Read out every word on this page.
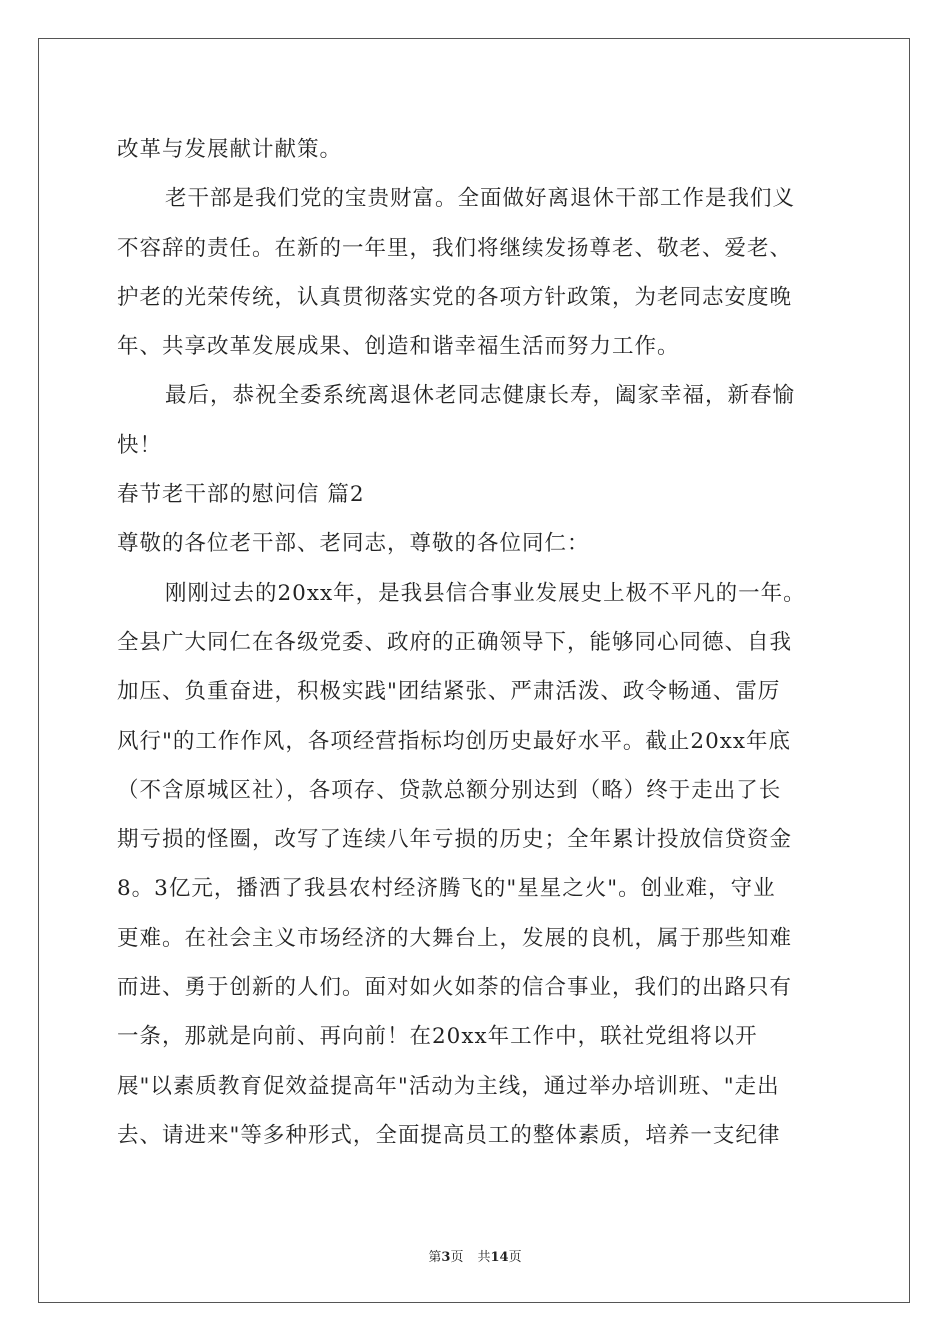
改革与发展献计献策。
老干部是我们党的宝贵财富。全面做好离退休干部工作是我们义
不容辞的责任。在新的一年里，我们将继续发扬尊老、敬老、爱老、
护老的光荣传统，认真贯彻落实党的各项方针政策，为老同志安度晚
年、共享改革发展成果、创造和谐幸福生活而努力工作。
最后，恭祝全委系统离退休老同志健康长寿，阖家幸福，新春愉
快！
春节老干部的慰问信 篇2
尊敬的各位老干部、老同志，尊敬的各位同仁：
刚刚过去的20xx年，是我县信合事业发展史上极不平凡的一年。
全县广大同仁在各级党委、政府的正确领导下，能够同心同德、自我
加压、负重奋进，积极实践"团结紧张、严肃活泼、政令畅通、雷厉
风行"的工作作风，各项经营指标均创历史最好水平。截止20xx年底
（不含原城区社），各项存、贷款总额分别达到（略）终于走出了长
期亏损的怪圈，改写了连续八年亏损的历史；全年累计投放信贷资金
8。3亿元，播洒了我县农村经济腾飞的"星星之火"。创业难，守业
更难。在社会主义市场经济的大舞台上，发展的良机，属于那些知难
而进、勇于创新的人们。面对如火如荼的信合事业，我们的出路只有
一条，那就是向前、再向前！在20xx年工作中，联社党组将以开
展"以素质教育促效益提高年"活动为主线，通过举办培训班、"走出
去、请进来"等多种形式，全面提高员工的整体素质，培养一支纪律
第3页 共14页
